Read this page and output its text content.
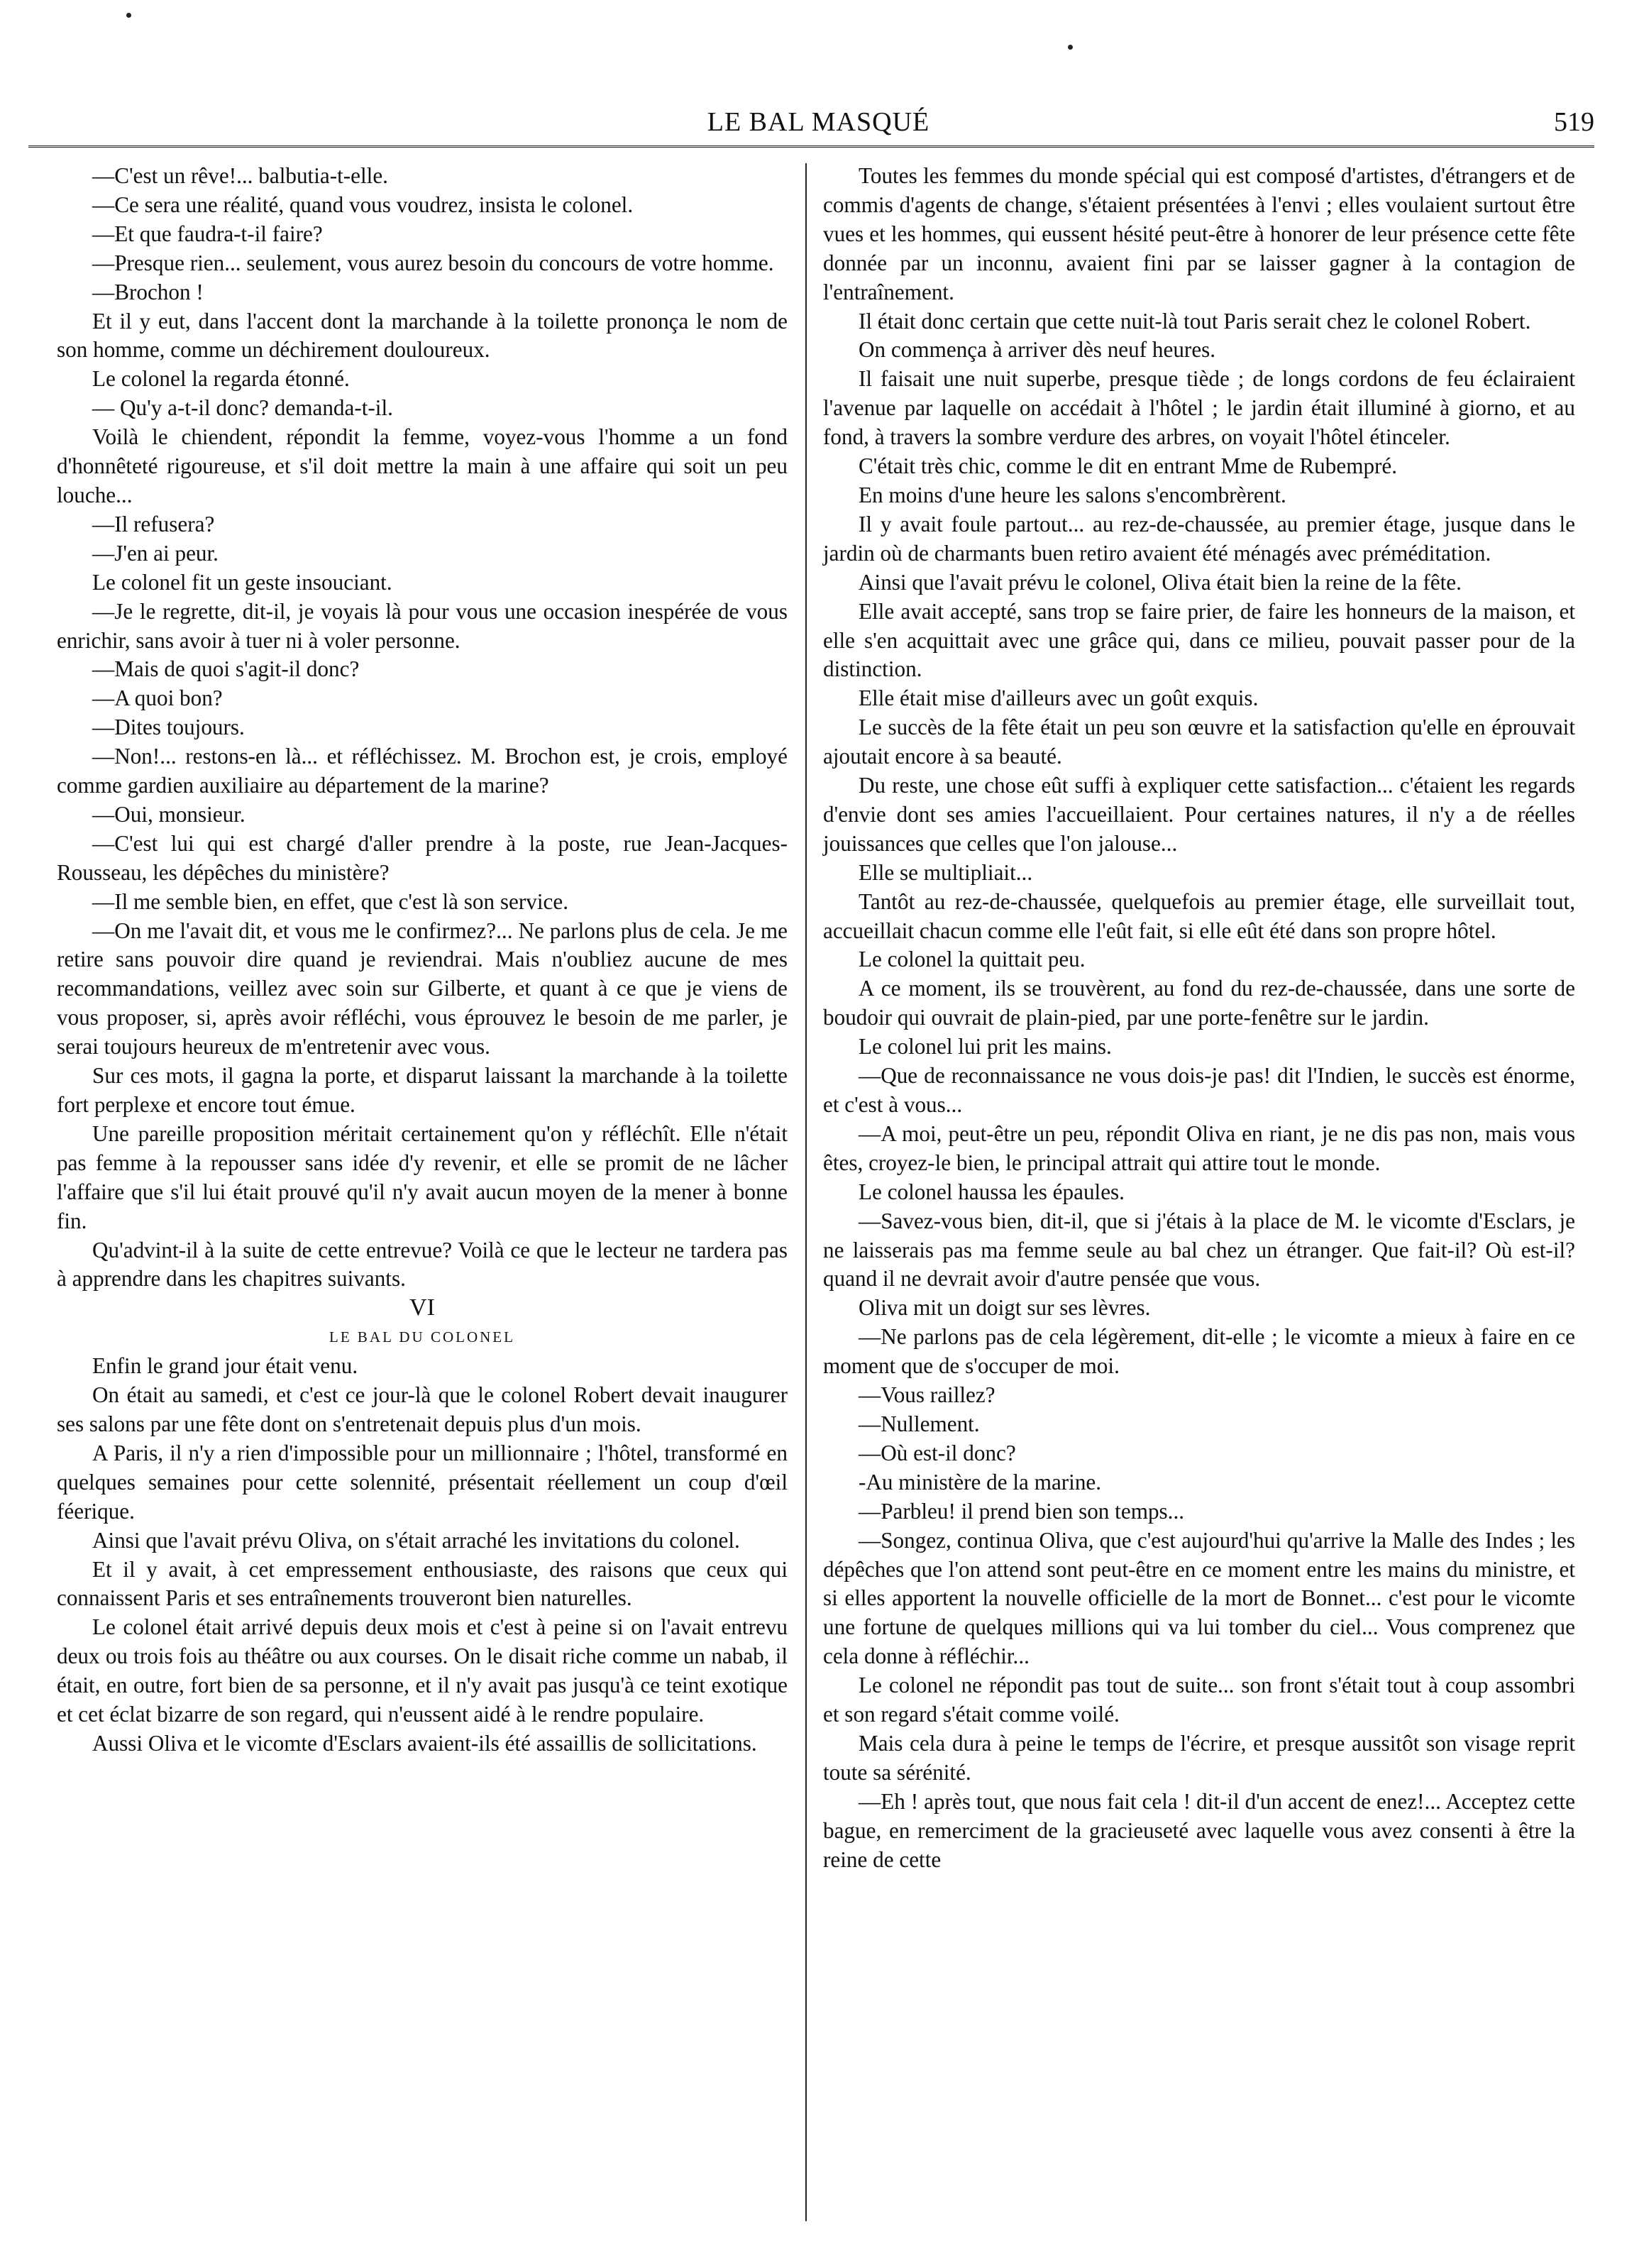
LE BAL MASQUÉ	519

—C'est un rêve!... balbutia-t-elle.

—Ce sera une réalité, quand vous voudrez, insista le colonel.

—Et que faudra-t-il faire?

—Presque rien... seulement, vous aurez besoin du concours de votre homme.

—Brochon !

Et il y eut, dans l'accent dont la marchande à la toilette prononça le nom de son homme, comme un déchirement douloureux.

Le colonel la regarda étonné.

— Qu'y a-t-il donc? demanda-t-il.

Voilà le chiendent, répondit la femme, voyez-vous l'homme a un fond d'honnêteté rigoureuse, et s'il doit mettre la main à une affaire qui soit un peu louche...

—Il refusera?

—J'en ai peur.

Le colonel fit un geste insouciant.

—Je le regrette, dit-il, je voyais là pour vous une occasion inespérée de vous enrichir, sans avoir à tuer ni à voler personne.

—Mais de quoi s'agit-il donc?

—A quoi bon?

—Dites toujours.

—Non!... restons-en là... et réfléchissez. M. Brochon est, je crois, employé comme gardien auxiliaire au département de la marine?

—Oui, monsieur.

—C'est lui qui est chargé d'aller prendre à la poste, rue Jean-Jacques-Rousseau, les dépêches du ministère?

—Il me semble bien, en effet, que c'est là son service.

—On me l'avait dit, et vous me le confirmez?... Ne parlons plus de cela. Je me retire sans pouvoir dire quand je reviendrai. Mais n'oubliez aucune de mes recommandations, veillez avec soin sur Gilberte, et quant à ce que je viens de vous proposer, si, après avoir réfléchi, vous éprouvez le besoin de me parler, je serai toujours heureux de m'entretenir avec vous.

Sur ces mots, il gagna la porte, et disparut laissant la marchande à la toilette fort perplexe et encore tout émue.

Une pareille proposition méritait certainement qu'on y réfléchît. Elle n'était pas femme à la repousser sans idée d'y revenir, et elle se promit de ne lâcher l'affaire que s'il lui était prouvé qu'il n'y avait aucun moyen de la mener à bonne fin.

Qu'advint-il à la suite de cette entrevue? Voilà ce que le lecteur ne tardera pas à apprendre dans les chapitres suivants.

VI

LE BAL DU COLONEL

Enfin le grand jour était venu.

On était au samedi, et c'est ce jour-là que le colonel Robert devait inaugurer ses salons par une fête dont on s'entretenait depuis plus d'un mois.

A Paris, il n'y a rien d'impossible pour un millionnaire ; l'hôtel, transformé en quelques semaines pour cette solennité, présentait réellement un coup d'œil féerique.

Ainsi que l'avait prévu Oliva, on s'était arraché les invitations du colonel.

Et il y avait, à cet empressement enthousiaste, des raisons que ceux qui connaissent Paris et ses entraînements trouveront bien naturelles.

Le colonel était arrivé depuis deux mois et c'est à peine si on l'avait entrevu deux ou trois fois au théâtre ou aux courses. On le disait riche comme un nabab, il était, en outre, fort bien de sa personne, et il n'y avait pas jusqu'à ce teint exotique et cet éclat bizarre de son regard, qui n'eussent aidé à le rendre populaire.

Aussi Oliva et le vicomte d'Esclars avaient-ils été assaillis de sollicitations.

Toutes les femmes du monde spécial qui est composé d'artistes, d'étrangers et de commis d'agents de change, s'étaient présentées à l'envi ; elles voulaient surtout être vues et les hommes, qui eussent hésité peut-être à honorer de leur présence cette fête donnée par un inconnu, avaient fini par se laisser gagner à la contagion de l'entraînement.

Il était donc certain que cette nuit-là tout Paris serait chez le colonel Robert.

On commença à arriver dès neuf heures.

Il faisait une nuit superbe, presque tiède ; de longs cordons de feu éclairaient l'avenue par laquelle on accédait à l'hôtel ; le jardin était illuminé à giorno, et au fond, à travers la sombre verdure des arbres, on voyait l'hôtel étinceler.

C'était très chic, comme le dit en entrant Mme de Rubempré.

En moins d'une heure les salons s'encombrèrent.

Il y avait foule partout... au rez-de-chaussée, au premier étage, jusque dans le jardin où de charmants buen retiro avaient été ménagés avec préméditation.

Ainsi que l'avait prévu le colonel, Oliva était bien la reine de la fête.

Elle avait accepté, sans trop se faire prier, de faire les honneurs de la maison, et elle s'en acquittait avec une grâce qui, dans ce milieu, pouvait passer pour de la distinction.

Elle était mise d'ailleurs avec un goût exquis.

Le succès de la fête était un peu son œuvre et la satisfaction qu'elle en éprouvait ajoutait encore à sa beauté.

Du reste, une chose eût suffi à expliquer cette satisfaction... c'étaient les regards d'envie dont ses amies l'accueillaient. Pour certaines natures, il n'y a de réelles jouissances que celles que l'on jalouse...

Elle se multipliait...

Tantôt au rez-de-chaussée, quelquefois au premier étage, elle surveillait tout, accueillait chacun comme elle l'eût fait, si elle eût été dans son propre hôtel.

Le colonel la quittait peu.

A ce moment, ils se trouvèrent, au fond du rez-de-chaussée, dans une sorte de boudoir qui ouvrait de plain-pied, par une porte-fenêtre sur le jardin.

Le colonel lui prit les mains.

—Que de reconnaissance ne vous dois-je pas! dit l'Indien, le succès est énorme, et c'est à vous...

—A moi, peut-être un peu, répondit Oliva en riant, je ne dis pas non, mais vous êtes, croyez-le bien, le principal attrait qui attire tout le monde.

Le colonel haussa les épaules.

—Savez-vous bien, dit-il, que si j'étais à la place de M. le vicomte d'Esclars, je ne laisserais pas ma femme seule au bal chez un étranger. Que fait-il? Où est-il? quand il ne devrait avoir d'autre pensée que vous.

Oliva mit un doigt sur ses lèvres.

—Ne parlons pas de cela légèrement, dit-elle ; le vicomte a mieux à faire en ce moment que de s'occuper de moi.

—Vous raillez?

—Nullement.

—Où est-il donc?

-Au ministère de la marine.

—Parbleu! il prend bien son temps...

—Songez, continua Oliva, que c'est aujourd'hui qu'arrive la Malle des Indes ; les dépêches que l'on attend sont peut-être en ce moment entre les mains du ministre, et si elles apportent la nouvelle officielle de la mort de Bonnet... c'est pour le vicomte une fortune de quelques millions qui va lui tomber du ciel... Vous comprenez que cela donne à réfléchir...

Le colonel ne répondit pas tout de suite... son front s'était tout à coup assombri et son regard s'était comme voilé.

Mais cela dura à peine le temps de l'écrire, et presque aussitôt son visage reprit toute sa sérénité.

—Eh ! après tout, que nous fait cela ! dit-il d'un accent de enez!... Acceptez cette bague, en remerciment de la gracieuseté avec laquelle vous avez consenti à être la reine de cette
